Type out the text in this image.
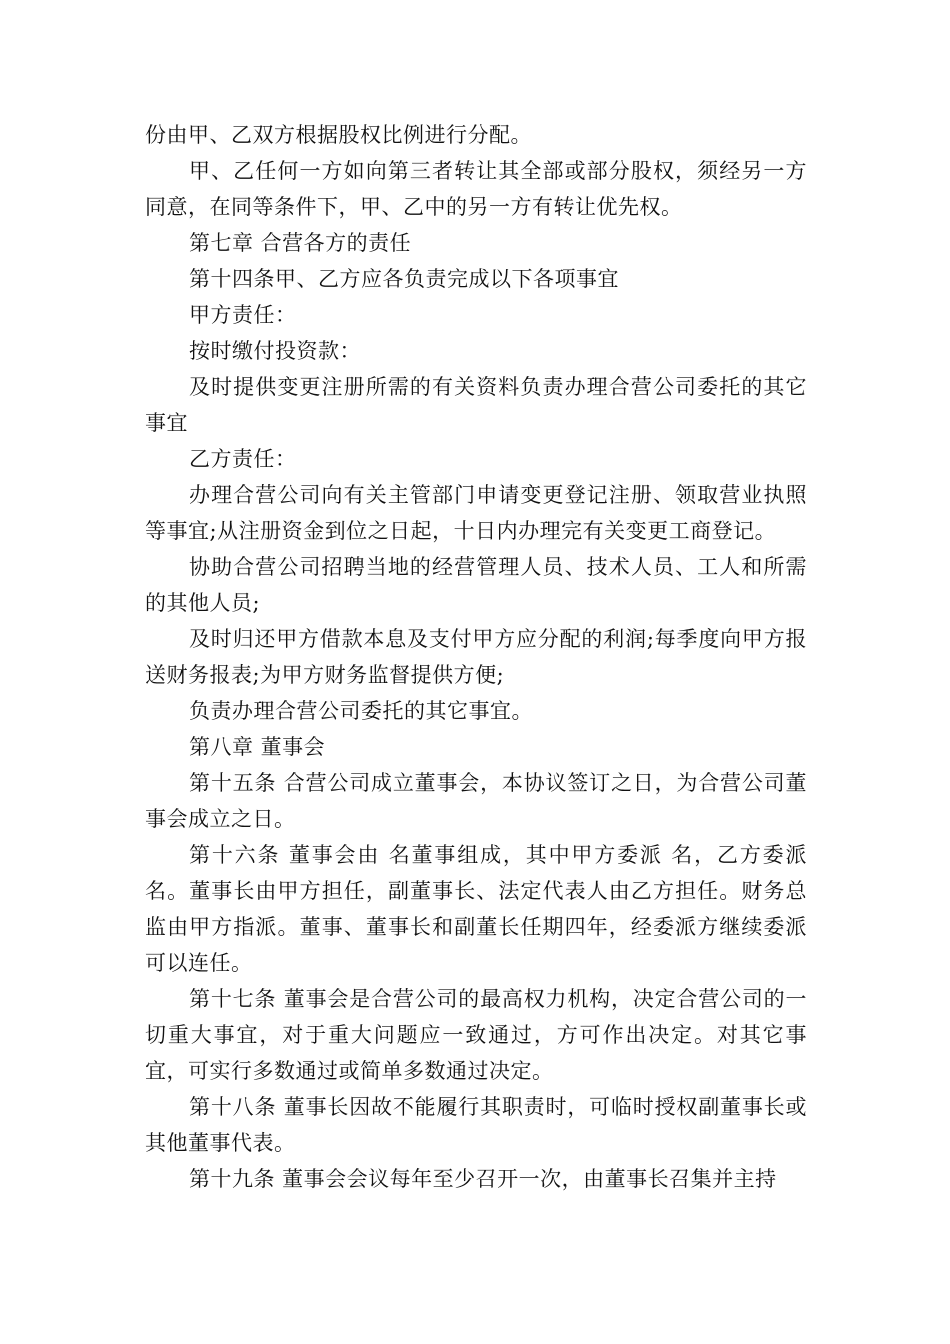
份由甲、乙双方根据股权比例进行分配。

甲、乙任何一方如向第三者转让其全部或部分股权，须经另一方同意，在同等条件下，甲、乙中的另一方有转让优先权。

第七章 合营各方的责任

第十四条甲、乙方应各负责完成以下各项事宜

甲方责任：

按时缴付投资款：

及时提供变更注册所需的有关资料负责办理合营公司委托的其它事宜

乙方责任：

办理合营公司向有关主管部门申请变更登记注册、领取营业执照等事宜;从注册资金到位之日起，十日内办理完有关变更工商登记。

协助合营公司招聘当地的经营管理人员、技术人员、工人和所需的其他人员;

及时归还甲方借款本息及支付甲方应分配的利润;每季度向甲方报送财务报表;为甲方财务监督提供方便;

负责办理合营公司委托的其它事宜。

第八章 董事会

第十五条 合营公司成立董事会，本协议签订之日，为合营公司董事会成立之日。

第十六条 董事会由 名董事组成，其中甲方委派 名，乙方委派 名。董事长由甲方担任，副董事长、法定代表人由乙方担任。财务总监由甲方指派。董事、董事长和副董长任期四年，经委派方继续委派可以连任。

第十七条 董事会是合营公司的最高权力机构，决定合营公司的一切重大事宜，对于重大问题应一致通过，方可作出决定。对其它事宜，可实行多数通过或简单多数通过决定。

第十八条 董事长因故不能履行其职责时，可临时授权副董事长或其他董事代表。

第十九条 董事会会议每年至少召开一次，由董事长召集并主持
